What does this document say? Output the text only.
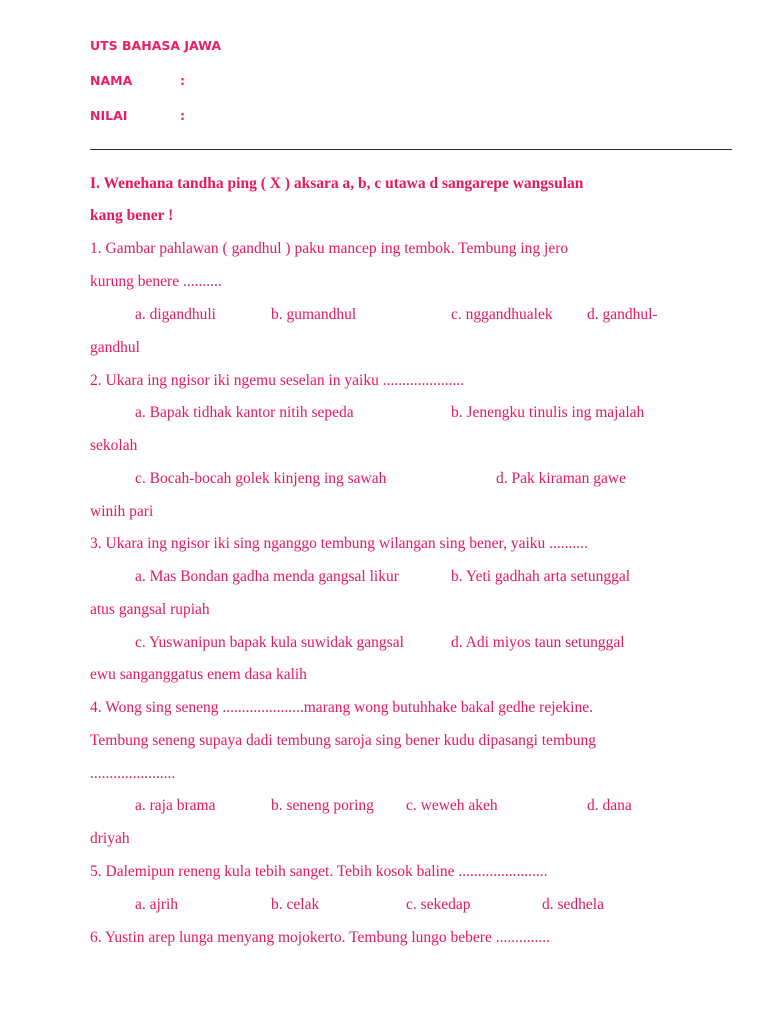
UTS BAHASA JAWA
NAMA	:
NILAI	:
I. Wenehana tandha ping ( X ) aksara a, b, c utawa d sangarepe wangsulan
kang bener !
1. Gambar pahlawan ( gandhul ) paku mancep ing tembok. Tembung ing jero
kurung benere ..........
a. digandhuli	b. gumandhul	c. nggandhualek d. gandhul-
gandhul
2. Ukara ing ngisor iki ngemu seselan in yaiku .....................
a. Bapak tidhak kantor nitih sepeda	b. Jenengku tinulis ing majalah
sekolah
c. Bocah-bocah golek kinjeng ing sawah	d. Pak kiraman gawe
winih pari
3. Ukara ing ngisor iki sing nganggo tembung wilangan sing bener, yaiku ..........
a. Mas Bondan gadha menda gangsal likur	b. Yeti gadhah arta setunggal
atus gangsal rupiah
c. Yuswanipun bapak kula suwidak gangsal	d. Adi miyos taun setunggal
ewu sanganggatus enem dasa kalih
4. Wong sing seneng .....................marang wong butuhhake bakal gedhe rejekine.
Tembung seneng supaya dadi tembung saroja sing bener kudu dipasangi tembung
......................
a. raja brama	b. seneng poring c. weweh akeh	d. dana
driyah
5. Dalemipun reneng kula tebih sanget. Tebih kosok baline .......................
a. ajrih	b. celak	c. sekedap	d. sedhela
6. Yustin arep lunga menyang mojokerto. Tembung lungo bebere ..............
